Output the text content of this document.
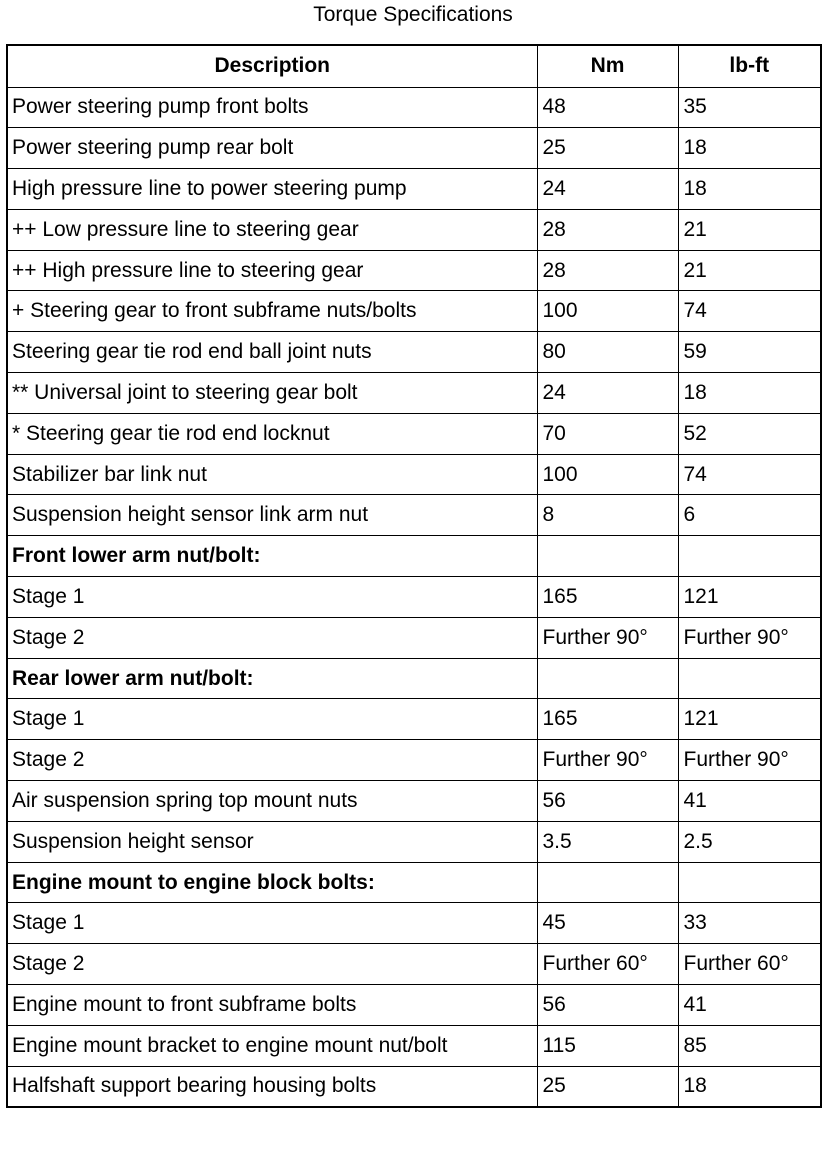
Torque Specifications
Description	Nm	lb-ft
Power steering pump front bolts	48	35
Power steering pump rear bolt	25	18
High pressure line to power steering pump	24	18
++ Low pressure line to steering gear	28	21
++ High pressure line to steering gear	28	21
+ Steering gear to front subframe nuts/bolts	100	74
Steering gear tie rod end ball joint nuts	80	59
** Universal joint to steering gear bolt	24	18
* Steering gear tie rod end locknut	70	52
Stabilizer bar link nut	100	74
Suspension height sensor link arm nut	8	6
Front lower arm nut/bolt:		
Stage 1	165	121
Stage 2	Further 90°	Further 90°
Rear lower arm nut/bolt:		
Stage 1	165	121
Stage 2	Further 90°	Further 90°
Air suspension spring top mount nuts	56	41
Suspension height sensor	3.5	2.5
Engine mount to engine block bolts:		
Stage 1	45	33
Stage 2	Further 60°	Further 60°
Engine mount to front subframe bolts	56	41
Engine mount bracket to engine mount nut/bolt	115	85
Halfshaft support bearing housing bolts	25	18
